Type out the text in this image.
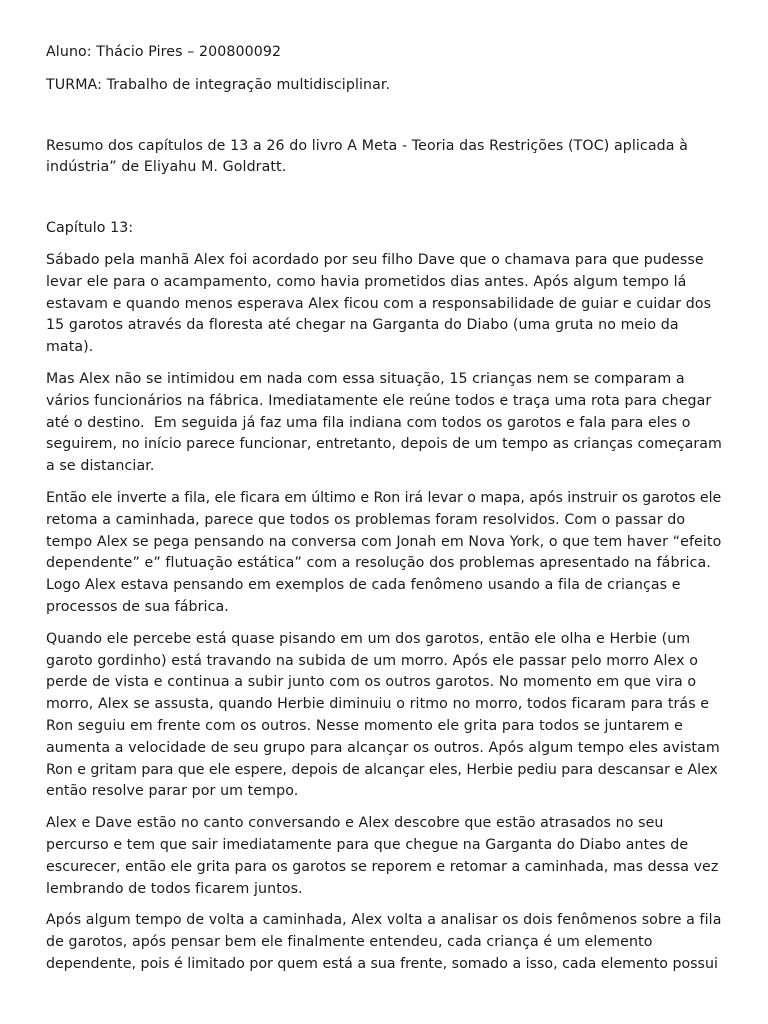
Aluno: Thácio Pires – 200800092

TURMA: Trabalho de integração multidisciplinar.

Resumo dos capítulos de 13 a 26 do livro A Meta - Teoria das Restrições (TOC) aplicada à

indústria” de Eliyahu M. Goldratt.

Capítulo 13:

Sábado pela manhã Alex foi acordado por seu filho Dave que o chamava para que pudesse

levar ele para o acampamento, como havia prometidos dias antes. Após algum tempo lá

estavam e quando menos esperava Alex ficou com a responsabilidade de guiar e cuidar dos

15 garotos através da floresta até chegar na Garganta do Diabo (uma gruta no meio da

mata).

Mas Alex não se intimidou em nada com essa situação, 15 crianças nem se comparam a

vários funcionários na fábrica. Imediatamente ele reúne todos e traça uma rota para chegar

até o destino.  Em seguida já faz uma fila indiana com todos os garotos e fala para eles o

seguirem, no início parece funcionar, entretanto, depois de um tempo as crianças começaram

a se distanciar.

Então ele inverte a fila, ele ficara em último e Ron irá levar o mapa, após instruir os garotos ele

retoma a caminhada, parece que todos os problemas foram resolvidos. Com o passar do

tempo Alex se pega pensando na conversa com Jonah em Nova York, o que tem haver “efeito

dependente” e” flutuação estática” com a resolução dos problemas apresentado na fábrica.

Logo Alex estava pensando em exemplos de cada fenômeno usando a fila de crianças e

processos de sua fábrica.

Quando ele percebe está quase pisando em um dos garotos, então ele olha e Herbie (um

garoto gordinho) está travando na subida de um morro. Após ele passar pelo morro Alex o

perde de vista e continua a subir junto com os outros garotos. No momento em que vira o

morro, Alex se assusta, quando Herbie diminuiu o ritmo no morro, todos ficaram para trás e

Ron seguiu em frente com os outros. Nesse momento ele grita para todos se juntarem e

aumenta a velocidade de seu grupo para alcançar os outros. Após algum tempo eles avistam

Ron e gritam para que ele espere, depois de alcançar eles, Herbie pediu para descansar e Alex

então resolve parar por um tempo.

Alex e Dave estão no canto conversando e Alex descobre que estão atrasados no seu

percurso e tem que sair imediatamente para que chegue na Garganta do Diabo antes de

escurecer, então ele grita para os garotos se reporem e retomar a caminhada, mas dessa vez

lembrando de todos ficarem juntos.

Após algum tempo de volta a caminhada, Alex volta a analisar os dois fenômenos sobre a fila

de garotos, após pensar bem ele finalmente entendeu, cada criança é um elemento

dependente, pois é limitado por quem está a sua frente, somado a isso, cada elemento possui
